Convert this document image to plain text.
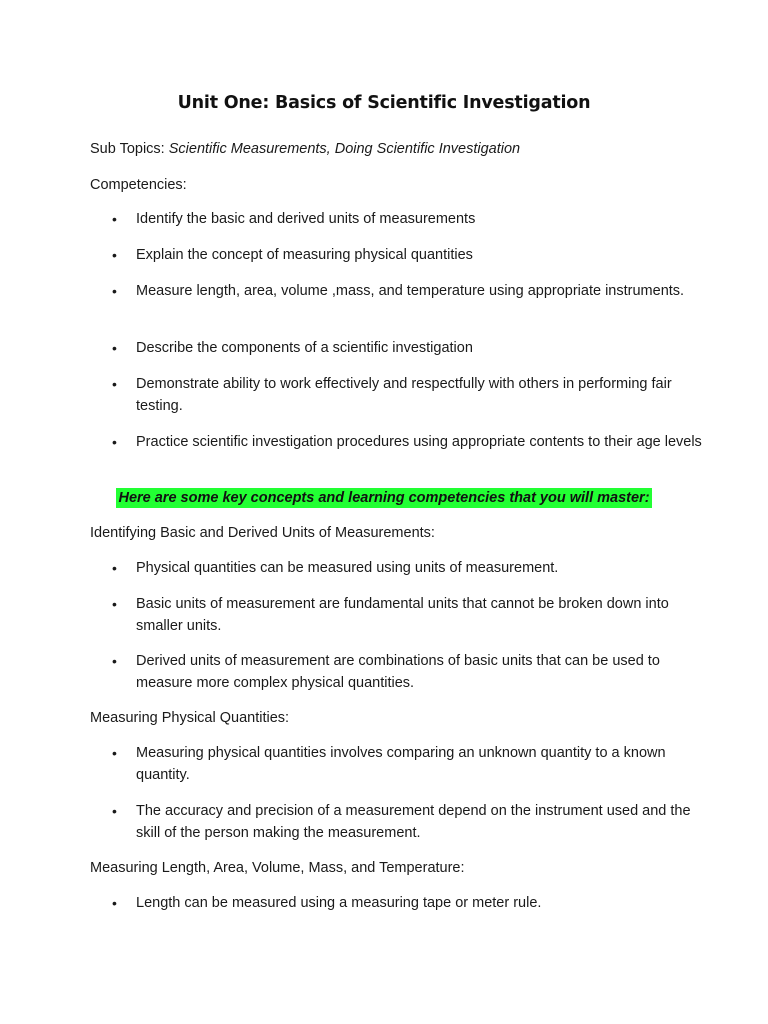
Unit One: Basics of Scientific Investigation
Sub Topics: Scientific Measurements, Doing Scientific Investigation
Competencies:
•	Identify the basic and derived units of measurements
•	Explain the concept of measuring physical quantities
•	Measure length, area, volume ,mass, and temperature using appropriate instruments.
•	Describe the components of a scientific investigation
•	Demonstrate ability to work effectively and respectfully with others in performing fair testing.
•	Practice scientific investigation procedures using appropriate contents to their age levels
Here are some key concepts and learning competencies that you will master:
Identifying Basic and Derived Units of Measurements:
•	Physical quantities can be measured using units of measurement.
•	Basic units of measurement are fundamental units that cannot be broken down into smaller units.
•	Derived units of measurement are combinations of basic units that can be used to measure more complex physical quantities.
Measuring Physical Quantities:
•	Measuring physical quantities involves comparing an unknown quantity to a known quantity.
•	The accuracy and precision of a measurement depend on the instrument used and the skill of the person making the measurement.
Measuring Length, Area, Volume, Mass, and Temperature:
•	Length can be measured using a measuring tape or meter rule.
